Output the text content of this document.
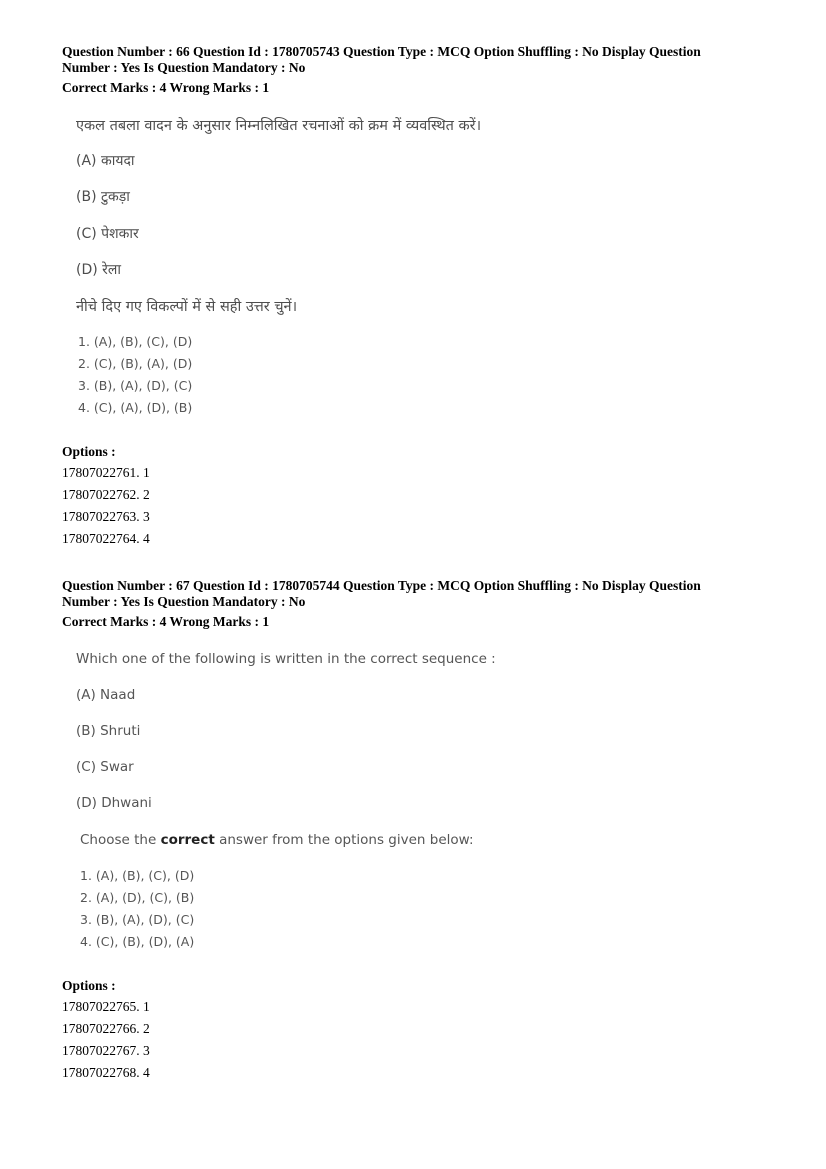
Question Number : 66 Question Id : 1780705743 Question Type : MCQ Option Shuffling : No Display Question
Number : Yes Is Question Mandatory : No
Correct Marks : 4 Wrong Marks : 1
एकल तबला वादन के अनुसार निम्नलिखित रचनाओं को क्रम में व्यवस्थित करें।
(A) कायदा
(B) टुकड़ा
(C) पेशकार
(D) रेला
नीचे दिए गए विकल्पों में से सही उत्तर चुनें।
1. (A), (B), (C), (D)
2. (C), (B), (A), (D)
3. (B), (A), (D), (C)
4. (C), (A), (D), (B)
Options :
17807022761. 1
17807022762. 2
17807022763. 3
17807022764. 4
Question Number : 67 Question Id : 1780705744 Question Type : MCQ Option Shuffling : No Display Question
Number : Yes Is Question Mandatory : No
Correct Marks : 4 Wrong Marks : 1
Which one of the following is written in the correct sequence :
(A) Naad
(B) Shruti
(C) Swar
(D) Dhwani
Choose the correct answer from the options given below:
1. (A), (B), (C), (D)
2. (A), (D), (C), (B)
3. (B), (A), (D), (C)
4. (C), (B), (D), (A)
Options :
17807022765. 1
17807022766. 2
17807022767. 3
17807022768. 4
